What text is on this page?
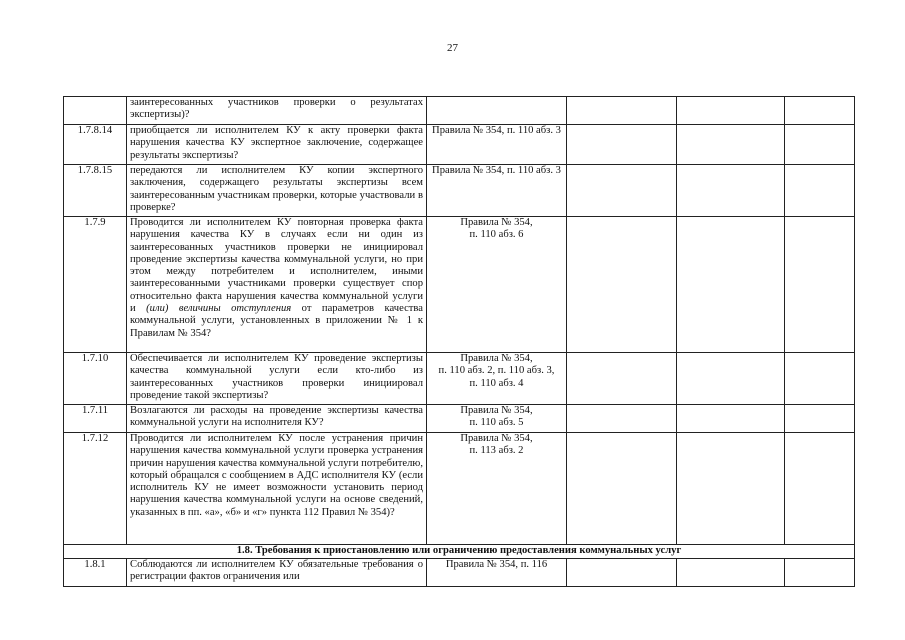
27
	заинтересованных участников проверки о результатах экспертизы)?				
1.7.8.14	приобщается ли исполнителем КУ к акту проверки факта нарушения качества КУ экспертное заключение, содержащее результаты экспертизы?	Правила № 354, п. 110 абз. 3			
1.7.8.15	передаются ли исполнителем КУ копии экспертного заключения, содержащего результаты экспертизы всем заинтересованным участникам проверки, которые участвовали в проверке?	Правила № 354, п. 110 абз. 3			
1.7.9	Проводится ли исполнителем КУ повторная проверка факта нарушения качества КУ в случаях если ни один из заинтересованных участников проверки не инициировал проведение экспертизы качества коммунальной услуги, но при этом между потребителем и исполнителем, иными заинтересованными участниками проверки существует спор относительно факта нарушения качества коммунальной услуги и (или) величины отступления от параметров качества коммунальной услуги, установленных в приложении № 1 к Правилам № 354?	Правила № 354,
п. 110 абз. 6			
1.7.10	Обеспечивается ли исполнителем КУ проведение экспертизы качества коммунальной услуги если кто-либо из заинтересованных участников проверки инициировал проведение такой экспертизы?	Правила № 354,
п. 110 абз. 2, п. 110 абз. 3,
п. 110 абз. 4			
1.7.11	Возлагаются ли расходы на проведение экспертизы качества коммунальной услуги на исполнителя КУ?	Правила № 354,
п. 110 абз. 5			
1.7.12	Проводится ли исполнителем КУ после устранения причин нарушения качества коммунальной услуги проверка устранения причин нарушения качества коммунальной услуги потребителю, который обращался с сообщением в АДС исполнителя КУ (если исполнитель КУ не имеет возможности установить период нарушения качества коммунальной услуги на основе сведений, указанных в пп. «а», «б» и «г» пункта 112 Правил № 354)?	Правила № 354,
п. 113 абз. 2			
1.8. Требования к приостановлению или ограничению предоставления коммунальных услуг					
1.8.1	Соблюдаются ли исполнителем КУ обязательные требования о регистрации фактов ограничения или	Правила № 354, п. 116			
